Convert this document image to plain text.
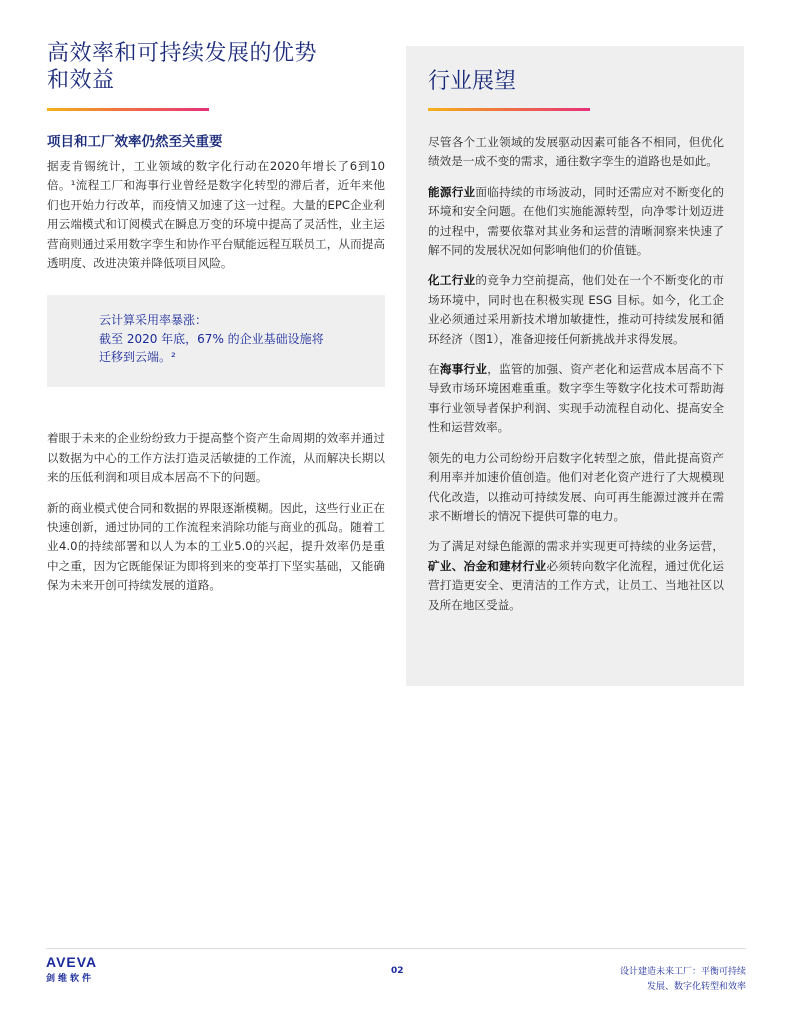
高效率和可持续发展的优势
和效益
项目和工厂效率仍然至关重要

据麦肯锡统计，工业领域的数字化行动在2020年增长了6到10倍。¹流程工厂和海事行业曾经是数字化转型的滞后者，近年来他们也开始力行改革，而疫情又加速了这一过程。大量的EPC企业利用云端模式和订阅模式在瞬息万变的环境中提高了灵活性，业主运营商则通过采用数字孪生和协作平台赋能远程互联员工，从而提高透明度、改进决策并降低项目风险。

云计算采用率暴涨：
截至 2020 年底，67% 的企业基础设施将
迁移到云端。²

着眼于未来的企业纷纷致力于提高整个资产生命周期的效率并通过以数据为中心的工作方法打造灵活敏捷的工作流，从而解决长期以来的压低利润和项目成本居高不下的问题。

新的商业模式使合同和数据的界限逐渐模糊。因此，这些行业正在快速创新，通过协同的工作流程来消除功能与商业的孤岛。随着工业4.0的持续部署和以人为本的工业5.0的兴起，提升效率仍是重中之重，因为它既能保证为即将到来的变革打下坚实基础，又能确保为未来开创可持续发展的道路。

行业展望

尽管各个工业领域的发展驱动因素可能各不相同，但优化绩效是一成不变的需求，通往数字孪生的道路也是如此。

能源行业面临持续的市场波动，同时还需应对不断变化的环境和安全问题。在他们实施能源转型，向净零计划迈进的过程中，需要依靠对其业务和运营的清晰洞察来快速了解不同的发展状况如何影响他们的价值链。

化工行业的竞争力空前提高，他们处在一个不断变化的市场环境中，同时也在积极实现 ESG 目标。如今，化工企业必须通过采用新技术增加敏捷性，推动可持续发展和循环经济（图1），准备迎接任何新挑战并求得发展。

在海事行业，监管的加强、资产老化和运营成本居高不下导致市场环境困难重重。数字孪生等数字化技术可帮助海事行业领导者保护利润、实现手动流程自动化、提高安全性和运营效率。

领先的电力公司纷纷开启数字化转型之旅，借此提高资产利用率并加速价值创造。他们对老化资产进行了大规模现代化改造，以推动可持续发展、向可再生能源过渡并在需求不断增长的情况下提供可靠的电力。

为了满足对绿色能源的需求并实现更可持续的业务运营，矿业、冶金和建材行业必须转向数字化流程，通过优化运营打造更安全、更清洁的工作方式，让员工、当地社区以及所在地区受益。

AVEVA
剑维软件
02	设计建造未来工厂：平衡可持续
发展、数字化转型和效率
